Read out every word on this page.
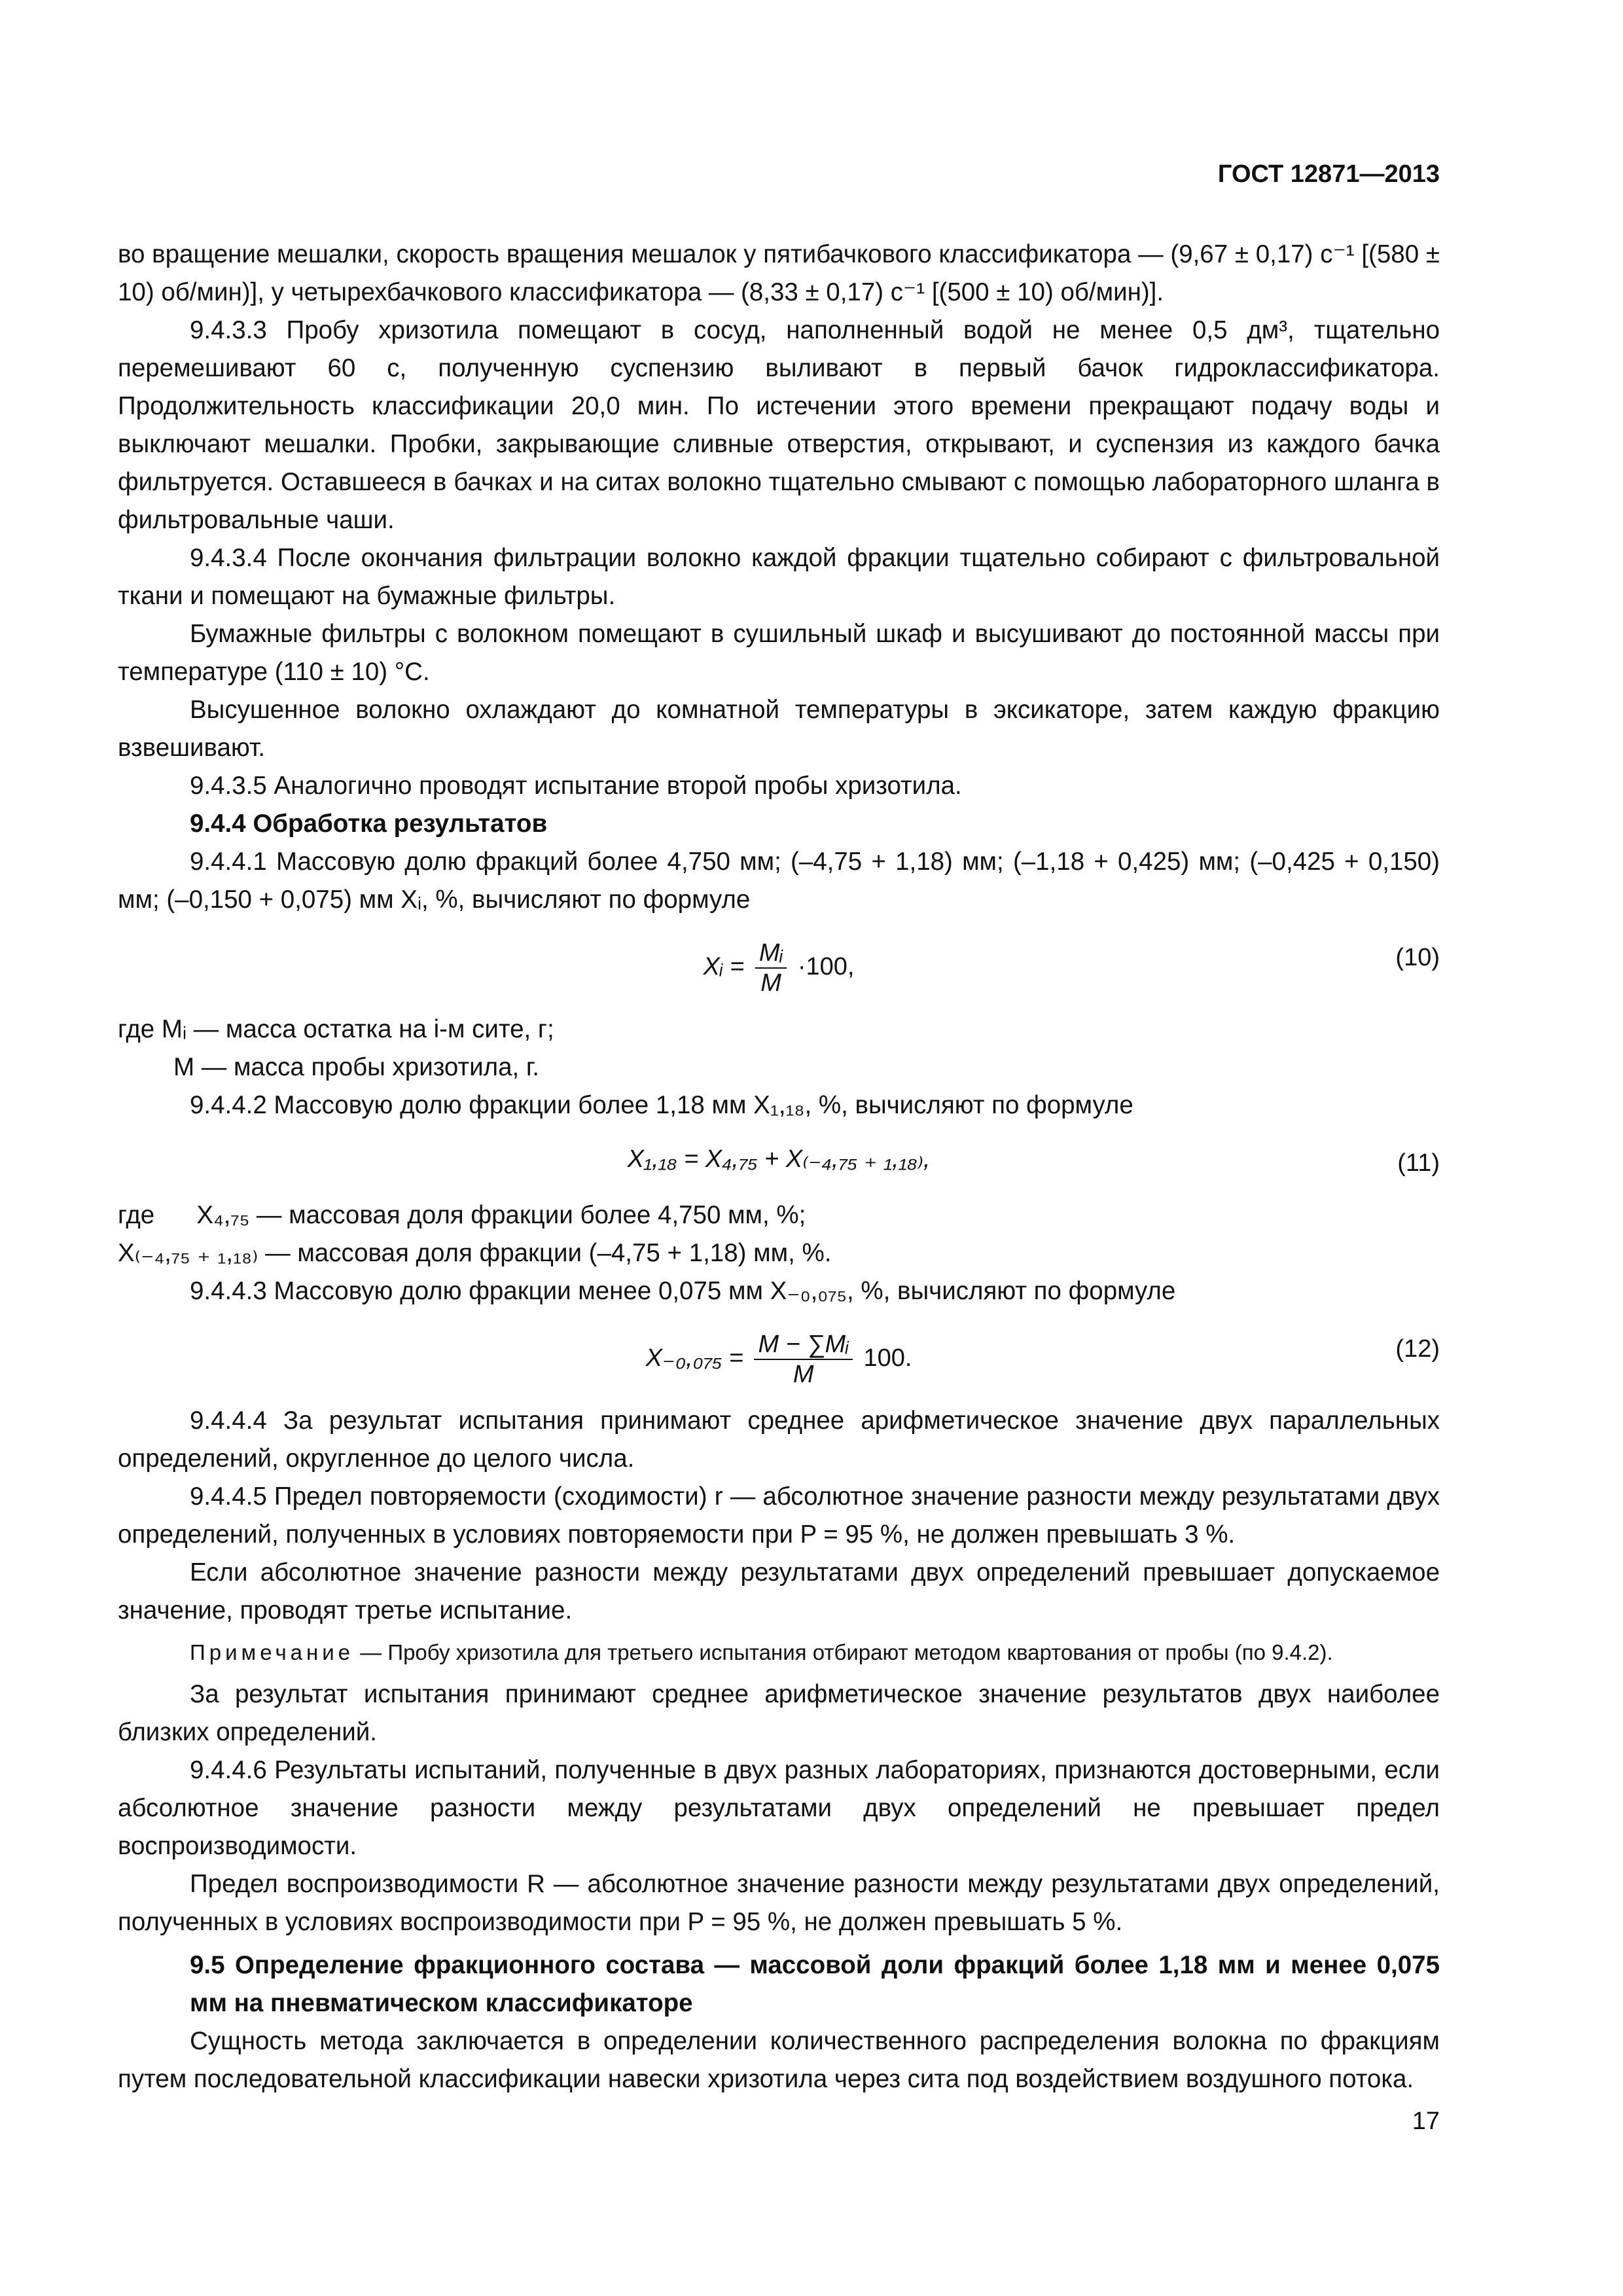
ГОСТ 12871—2013

во вращение мешалки, скорость вращения мешалок у пятибачкового классификатора — (9,67 ± 0,17) с⁻¹ [(580 ± 10) об/мин)], у четырехбачкового классификатора — (8,33 ± 0,17) с⁻¹ [(500 ± 10) об/мин)].

9.4.3.3 Пробу хризотила помещают в сосуд, наполненный водой не менее 0,5 дм³, тщательно перемешивают 60 с, полученную суспензию выливают в первый бачок гидроклассификатора. Продолжительность классификации 20,0 мин. По истечении этого времени прекращают подачу воды и выключают мешалки. Пробки, закрывающие сливные отверстия, открывают, и суспензия из каждого бачка фильтруется. Оставшееся в бачках и на ситах волокно тщательно смывают с помощью лабораторного шланга в фильтровальные чаши.

9.4.3.4 После окончания фильтрации волокно каждой фракции тщательно собирают с фильтровальной ткани и помещают на бумажные фильтры.

Бумажные фильтры с волокном помещают в сушильный шкаф и высушивают до постоянной массы при температуре (110 ± 10) °С.

Высушенное волокно охлаждают до комнатной температуры в эксикаторе, затем каждую фракцию взвешивают.

9.4.3.5 Аналогично проводят испытание второй пробы хризотила.

9.4.4 Обработка результатов

9.4.4.1 Массовую долю фракций более 4,750 мм; (–4,75 + 1,18) мм; (–1,18 + 0,425) мм; (–0,425 + 0,150) мм; (–0,150 + 0,075) мм Xᵢ, %, вычисляют по формуле

Xᵢ = $\frac{\text{Mᵢ}}{M} \cdot 100$,	(10)

где Mᵢ — масса остатка на i-м сите, г;

M — масса пробы хризотила, г.

9.4.4.2 Массовую долю фракции более 1,18 мм X₁,₁₈, %, вычисляют по формуле

X₁,₁₈ = X₄,₇₅ + X₍₋₄,₇₅ ₊ ₁,₁₈₎,	(11)

где      X₄,₇₅ — массовая доля фракции более 4,750 мм, %;

X₍₋₄,₇₅ ₊ ₁,₁₈₎ — массовая доля фракции (–4,75 + 1,18) мм, %.

9.4.4.3 Массовую долю фракции менее 0,075 мм X₋₀,₀₇₅, %, вычисляют по формуле

$X_{-0},_{075} = \frac{\text{M − ∑Mᵢ}}{M} 100$.	(12)

9.4.4.4 За результат испытания принимают среднее арифметическое значение двух параллельных определений, округленное до целого числа.

9.4.4.5 Предел повторяемости (сходимости) r — абсолютное значение разности между результатами двух определений, полученных в условиях повторяемости при P = 95 %, не должен превышать 3 %.

Если абсолютное значение разности между результатами двух определений превышает допускаемое значение, проводят третье испытание.

Примечание — Пробу хризотила для третьего испытания отбирают методом квартования от пробы (по 9.4.2).

За результат испытания принимают среднее арифметическое значение результатов двух наиболее близких определений.

9.4.4.6 Результаты испытаний, полученные в двух разных лабораториях, признаются достоверными, если абсолютное значение разности между результатами двух определений не превышает предел воспроизводимости.

Предел воспроизводимости R — абсолютное значение разности между результатами двух определений, полученных в условиях воспроизводимости при P = 95 %, не должен превышать 5 %.

9.5 Определение фракционного состава — массовой доли фракций более 1,18 мм и менее 0,075 мм на пневматическом классификаторе

Сущность метода заключается в определении количественного распределения волокна по фракциям путем последовательной классификации навески хризотила через сита под воздействием воздушного потока.

17
